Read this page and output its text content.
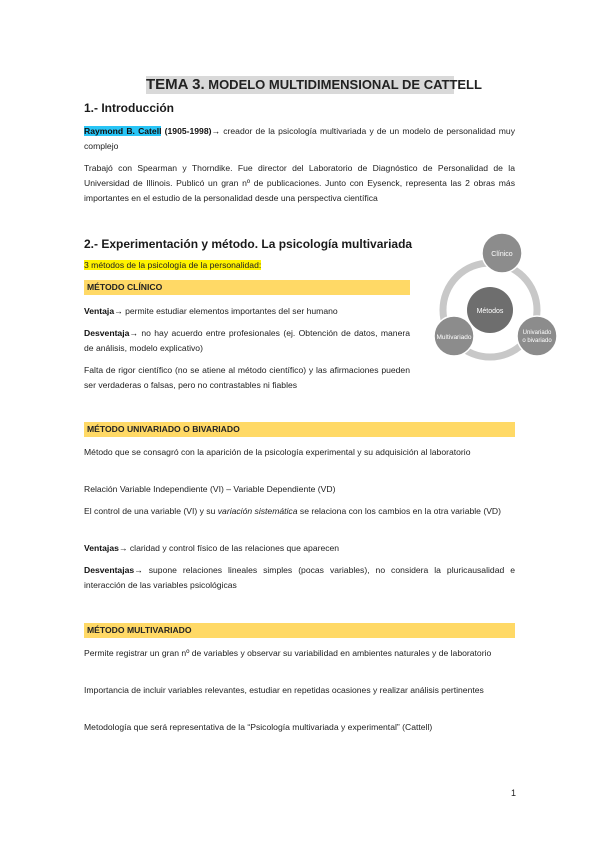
TEMA 3. MODELO MULTIDIMENSIONAL DE CATTELL
1.- Introducción
Raymond B. Catell (1905-1998)→ creador de la psicología multivariada y de un modelo de personalidad muy complejo
Trabajó con Spearman y Thorndike. Fue director del Laboratorio de Diagnóstico de Personalidad de la Universidad de Illinois. Publicó un gran nº de publicaciones. Junto con Eysenck, representa las 2 obras más importantes en el estudio de la personalidad desde una perspectiva científica
2.- Experimentación y método. La psicología multivariada
3 métodos de la psicología de la personalidad:
MÉTODO CLÍNICO
Ventaja→ permite estudiar elementos importantes del ser humano
Desventaja→ no hay acuerdo entre profesionales (ej. Obtención de datos, manera de análisis, modelo explicativo)
Falta de rigor científico (no se atiene al método científico) y las afirmaciones pueden ser verdaderas o falsas, pero no contrastables ni fiables
Métodos
Clínico
Univariado o bivariado
Multivariado
MÉTODO UNIVARIADO O BIVARIADO
Método que se consagró con la aparición de la psicología experimental y su adquisición al laboratorio
Relación Variable Independiente (VI) – Variable Dependiente (VD)
El control de una variable (VI) y su variación sistemática se relaciona con los cambios en la otra variable (VD)
Ventajas→ claridad y control físico de las relaciones que aparecen
Desventajas→ supone relaciones lineales simples (pocas variables), no considera la pluricausalidad e interacción de las variables psicológicas
MÉTODO MULTIVARIADO
Permite registrar un gran nº de variables y observar su variabilidad en ambientes naturales y de laboratorio
Importancia de incluir variables relevantes, estudiar en repetidas ocasiones y realizar análisis pertinentes
Metodología que será representativa de la “Psicología multivariada y experimental” (Cattell)
1
